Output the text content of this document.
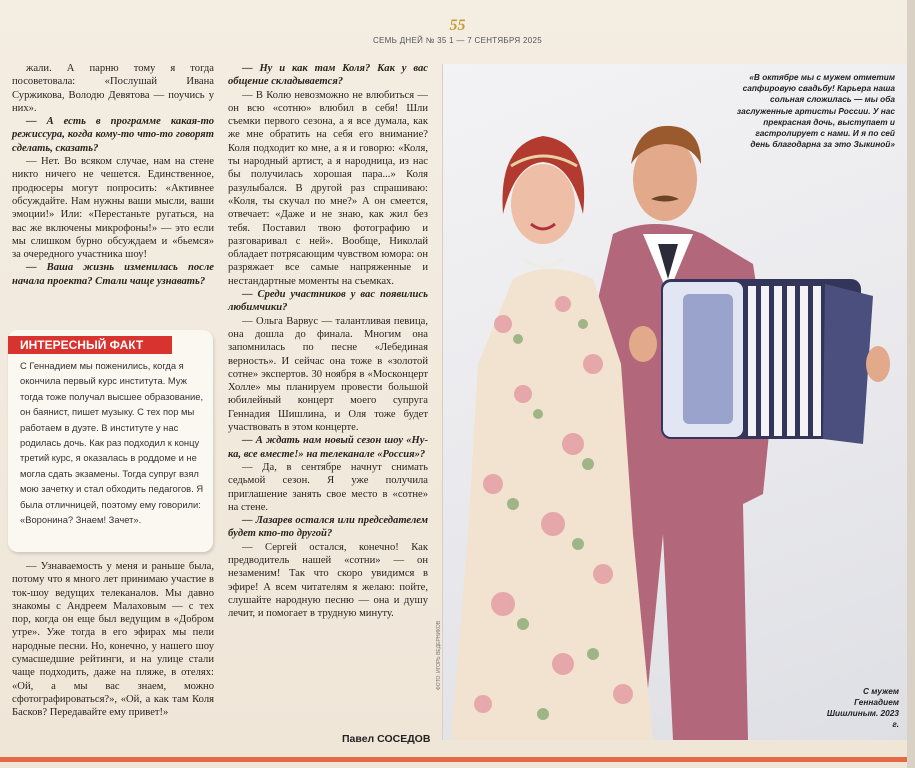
55
СЕМЬ ДНЕЙ № 35 1 — 7 СЕНТЯБРЯ 2025

жали. А парню тому я тогда посоветовала: «Послушай Ивана Суржикова, Володю Девятова — поучись у них».

— А есть в программе какая-то режиссура, когда кому-то что-то говорят сделать, сказать?

— Нет. Во всяком случае, нам на стене никто ничего не чешется. Единственное, продюсеры могут попросить: «Активнее обсуждайте. Нам нужны ваши мысли, ваши эмоции!» Или: «Перестаньте ругаться, на вас же включены микрофоны!» — это если мы слишком бурно обсуждаем и «бьемся» за очередного участника шоу!

— Ваша жизнь изменилась после начала проекта? Стали чаще узнавать?

ИНТЕРЕСНЫЙ ФАКТ
С Геннадием мы поженились, когда я окончила первый курс института. Муж тогда тоже получал высшее образование, он баянист, пишет музыку. С тех пор мы работаем в дуэте. В институте у нас родилась дочь. Как раз подходил к концу третий курс, я оказалась в роддоме и не могла сдать экзамены. Тогда супруг взял мою зачетку и стал обходить педагогов. Я была отличницей, поэтому ему говорили: «Воронина? Знаем! Зачет».

— Узнаваемость у меня и раньше была, потому что я много лет принимаю участие в ток-шоу ведущих телеканалов. Мы давно знакомы с Андреем Малаховым — с тех пор, когда он еще был ведущим в «Добром утре». Уже тогда в его эфирах мы пели народные песни. Но, конечно, у нашего шоу сумасшедшие рейтинги, и на улице стали чаще подходить, даже на пляже, в отелях: «Ой, а мы вас знаем, можно сфотографироваться?», «Ой, а как там Коля Басков? Передавайте ему привет!»

— Ну и как там Коля? Как у вас общение складывается?

— В Колю невозможно не влюбиться — он всю «сотню» влюбил в себя! Шли съемки первого сезона, а я все думала, как же мне обратить на себя его внимание? Коля подходит ко мне, а я и говорю: «Коля, ты народный артист, а я народница, из нас бы получилась хорошая пара...» Коля разулыбался. В другой раз спрашиваю: «Коля, ты скучал по мне?» А он смеется, отвечает: «Даже и не знаю, как жил без тебя. Поставил твою фотографию и разговаривал с ней». Вообще, Николай обладает потрясающим чувством юмора: он разряжает все самые напряженные и нестандартные моменты на съемках.

— Среди участников у вас появились любимчики?

— Ольга Варвус — талантливая певица, она дошла до финала. Многим она запомнилась по песне «Лебединая верность». И сейчас она тоже в «золотой сотне» экспертов. 30 ноября в «Москонцерт Холле» мы планируем провести большой юбилейный концерт моего супруга Геннадия Шишлина, и Оля тоже будет участвовать в этом концерте.

— А ждать нам новый сезон шоу «Ну-ка, все вместе!» на телеканале «Россия»?

— Да, в сентябре начнут снимать седьмой сезон. Я уже получила приглашение занять свое место в «сотне» на стене.

— Лазарев остался или председателем будет кто-то другой?

— Сергей остался, конечно! Как предводитель нашей «сотни» — он незаменим! Так что скоро увидимся в эфире! А всем читателям я желаю: пойте, слушайте народную песню — она и душу лечит, и помогает в трудную минуту.

Павел СОСЕДОВ
«В октябре мы с мужем отметим сапфировую свадьбу! Карьера наша сольная сложилась — мы оба заслуженные артисты России. У нас прекрасная дочь, выступает и гастролирует с нами. И я по сей день благодарна за это Зыкиной»
С мужем Геннадием Шишлиным. 2023 г.
ФОТО: ИГОРЬ ВЕДЕРНИКОВ
